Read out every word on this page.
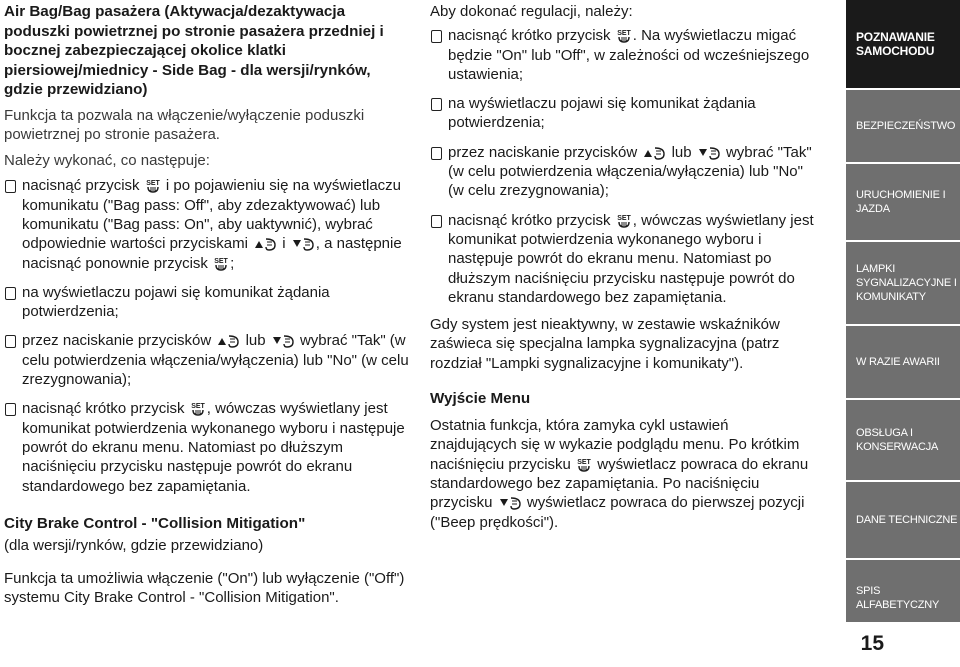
Air Bag/Bag pasażera (Aktywacja/dezaktywacja poduszki powietrznej po stronie pasażera przedniej i bocznej zabezpieczającej okolice klatki piersiowej/miednicy - Side Bag - dla wersji/rynków, gdzie przewidziano)

Funkcja ta pozwala na włączenie/wyłączenie poduszki powietrznej po stronie pasażera.

Należy wykonać, co następuje:

nacisnąć przycisk SET i po pojawieniu się na wyświetlaczu komunikatu ("Bag pass: Off", aby zdezaktywować) lub komunikatu ("Bag pass: On", aby uaktywnić), wybrać odpowiednie wartości przyciskami i , a następnie nacisnąć ponownie przycisk SET ;
na wyświetlaczu pojawi się komunikat żądania potwierdzenia;
przez naciskanie przycisków lub wybrać "Tak" (w celu potwierdzenia włączenia/wyłączenia) lub "No" (w celu zrezygnowania);
nacisnąć krótko przycisk SET , wówczas wyświetlany jest komunikat potwierdzenia wykonanego wyboru i następuje powrót do ekranu menu. Natomiast po dłuższym naciśnięciu przycisku następuje powrót do ekranu standardowego bez zapamiętania.
City Brake Control - "Collision Mitigation"

(dla wersji/rynków, gdzie przewidziano)

Funkcja ta umożliwia włączenie ("On") lub wyłączenie ("Off") systemu City Brake Control - "Collision Mitigation".

Aby dokonać regulacji, należy:

nacisnąć krótko przycisk SET . Na wyświetlaczu migać będzie "On" lub "Off", w zależności od wcześniejszego ustawienia;
na wyświetlaczu pojawi się komunikat żądania potwierdzenia;
przez naciskanie przycisków lub wybrać "Tak" (w celu potwierdzenia włączenia/wyłączenia) lub "No" (w celu zrezygnowania);
nacisnąć krótko przycisk SET , wówczas wyświetlany jest komunikat potwierdzenia wykonanego wyboru i następuje powrót do ekranu menu. Natomiast po dłuższym naciśnięciu przycisku następuje powrót do ekranu standardowego bez zapamiętania.

Gdy system jest nieaktywny, w zestawie wskaźników zaświeca się specjalna lampka sygnalizacyjna (patrz rozdział "Lampki sygnalizacyjne i komunikaty").

Wyjście Menu

Ostatnia funkcja, która zamyka cykl ustawień znajdujących się w wykazie podglądu menu. Po krótkim naciśnięciu przycisku SET wyświetlacz powraca do ekranu standardowego bez zapamiętania. Po naciśnięciu przycisku wyświetlacz powraca do pierwszej pozycji ("Beep prędkości").

POZNAWANIE SAMOCHODU
BEZPIECZEŃSTWO
URUCHOMIENIE I JAZDA
LAMPKI SYGNALIZACYJNE I KOMUNIKATY
W RAZIE AWARII
OBSŁUGA I KONSERWACJA
DANE TECHNICZNE
SPIS ALFABETYCZNY
15
